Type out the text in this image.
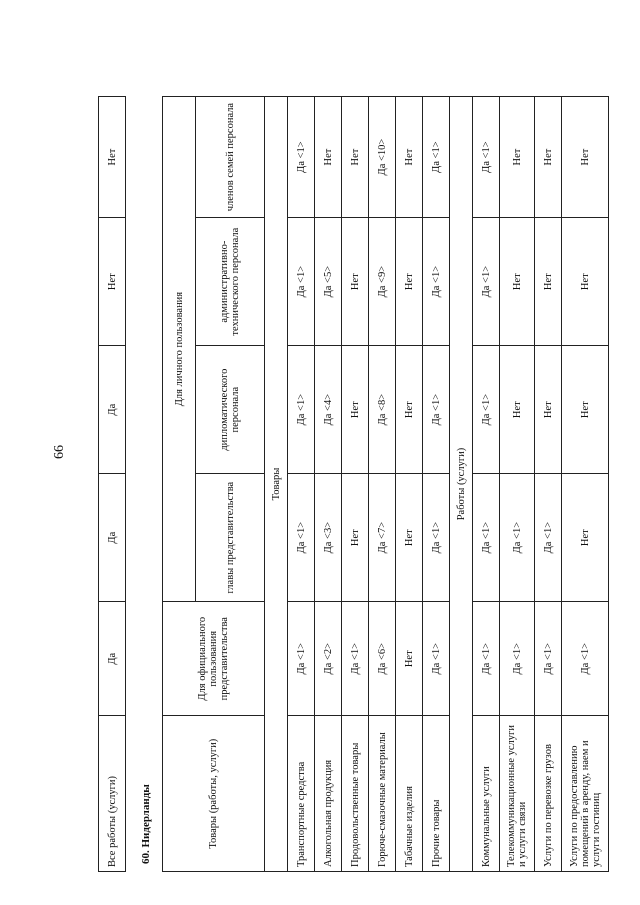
66
Все работы (услуги)	Да	Да	Да	Нет	Нет
60. Нидерланды	Товары (работы, услуги)	Для официального пользования представительства	Для личного пользования			
		главы представительства	дипломатического персонала	административно-технического персонала	членов семей персонала
Товары					
Транспортные средства	Да <1>	Да <1>	Да <1>	Да <1>	Да <1>
Алкогольная продукция	Да <2>	Да <3>	Да <4>	Да <5>	Нет
Продовольственные товары	Да <1>	Нет	Нет	Нет	Нет
Горюче-смазочные материалы	Да <6>	Да <7>	Да <8>	Да <9>	Да <10>
Табачные изделия	Нет	Нет	Нет	Нет	Нет
Прочие товары	Да <1>	Да <1>	Да <1>	Да <1>	Да <1>
Работы (услуги)					
Коммунальные услуги	Да <1>	Да <1>	Да <1>	Да <1>	Да <1>
Телекоммуникационные услуги и услуги связи	Да <1>	Да <1>	Нет	Нет	Нет
Услуги по перевозке грузов	Да <1>	Да <1>	Нет	Нет	Нет
Услуги по предоставлению помещений в аренду, наем и услуги гостиниц	Да <1>	Нет	Нет	Нет	Нет
